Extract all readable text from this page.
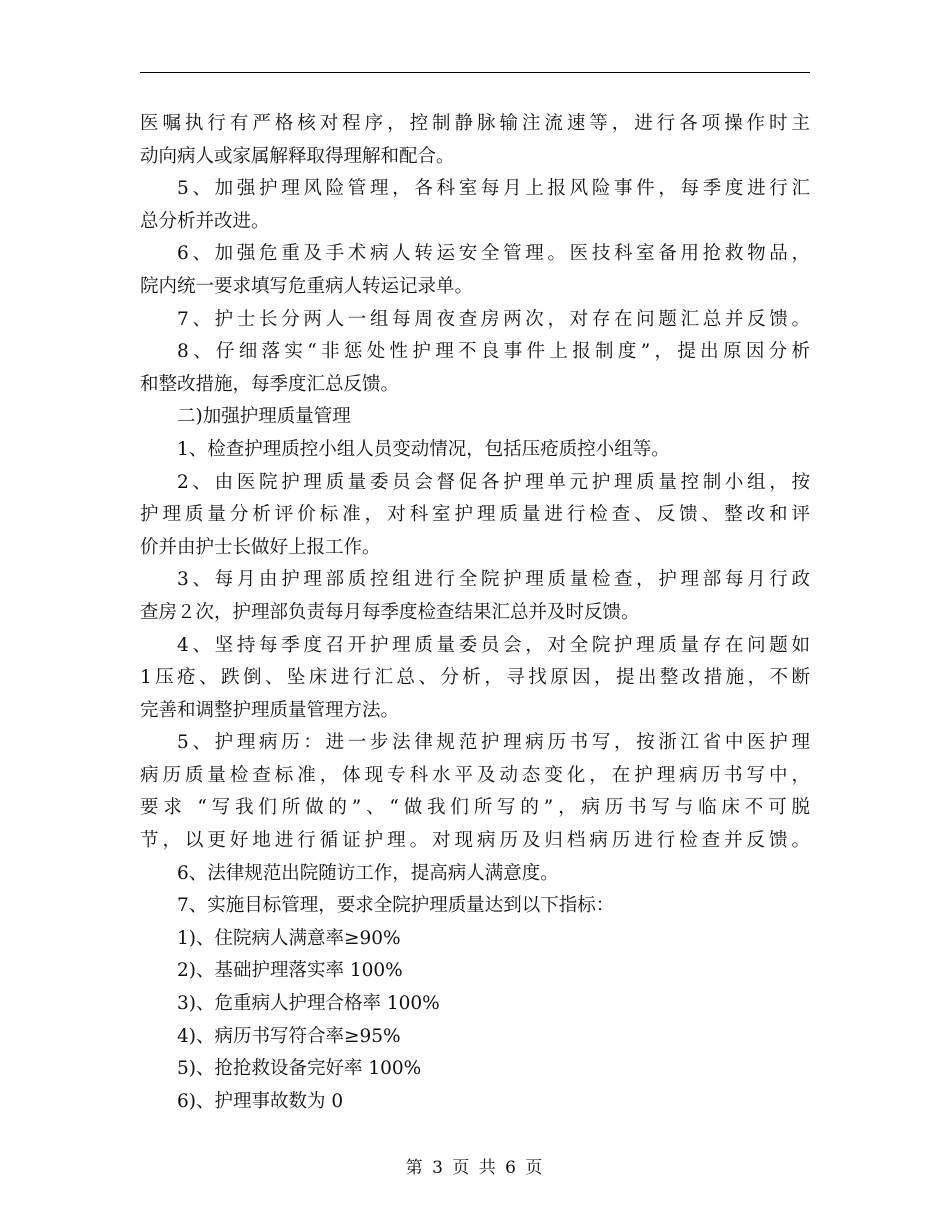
医嘱执行有严格核对程序，控制静脉输注流速等，进行各项操作时主
动向病人或家属解释取得理解和配合。
5、加强护理风险管理，各科室每月上报风险事件，每季度进行汇
总分析并改进。
6、加强危重及手术病人转运安全管理。医技科室备用抢救物品，
院内统一要求填写危重病人转运记录单。
7、护士长分两人一组每周夜查房两次，对存在问题汇总并反馈。
8、仔细落实“非惩处性护理不良事件上报制度”，提出原因分析
和整改措施，每季度汇总反馈。
二)加强护理质量管理
1、检查护理质控小组人员变动情况，包括压疮质控小组等。
2、由医院护理质量委员会督促各护理单元护理质量控制小组，按
护理质量分析评价标准，对科室护理质量进行检查、反馈、整改和评
价并由护士长做好上报工作。
3、每月由护理部质控组进行全院护理质量检查，护理部每月行政
查房２次，护理部负责每月每季度检查结果汇总并及时反馈。
4、坚持每季度召开护理质量委员会，对全院护理质量存在问题如
1压疮、跌倒、坠床进行汇总、分析，寻找原因，提出整改措施，不断
完善和调整护理质量管理方法。
5、护理病历：进一步法律规范护理病历书写，按浙江省中医护理
病历质量检查标准，体现专科水平及动态变化，在护理病历书写中，
要求 “写我们所做的”、“做我们所写的”，病历书写与临床不可脱
节，以更好地进行循证护理。对现病历及归档病历进行检查并反馈。
6、法律规范出院随访工作，提高病人满意度。
7、实施目标管理，要求全院护理质量达到以下指标：
1)、住院病人满意率≥90%
2)、基础护理落实率 100%
3)、危重病人护理合格率 100%
4)、病历书写符合率≥95%
5)、抢抢救设备完好率 100%
6)、护理事故数为 0
第 3 页 共 6 页
